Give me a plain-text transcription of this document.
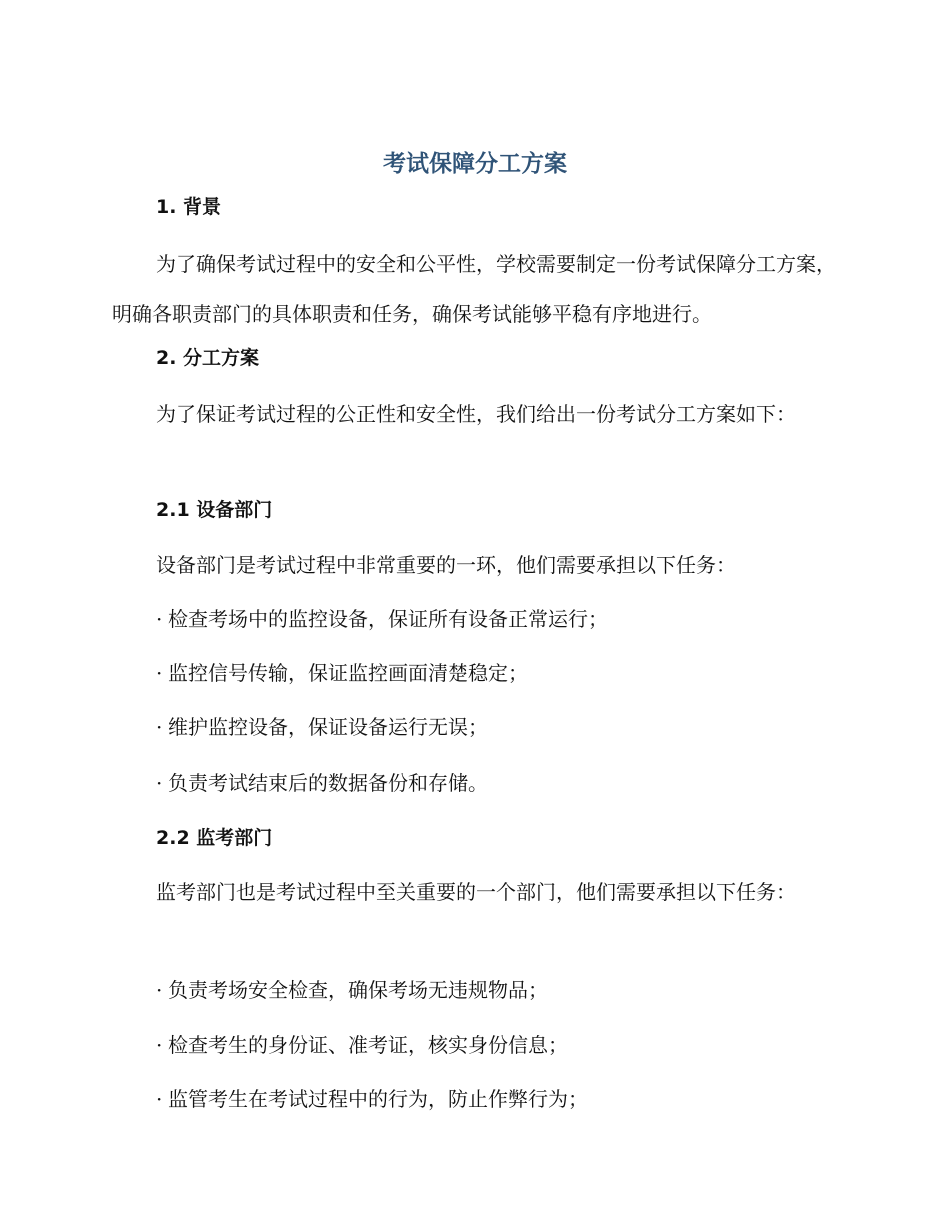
考试保障分工方案
1. 背景
为了确保考试过程中的安全和公平性，学校需要制定一份考试保障分工方案，明确各职责部门的具体职责和任务，确保考试能够平稳有序地进行。
2. 分工方案
为了保证考试过程的公正性和安全性，我们给出一份考试分工方案如下：
2.1 设备部门
设备部门是考试过程中非常重要的一环，他们需要承担以下任务：
· 检查考场中的监控设备，保证所有设备正常运行；
· 监控信号传输，保证监控画面清楚稳定；
· 维护监控设备，保证设备运行无误；
· 负责考试结束后的数据备份和存储。
2.2 监考部门
监考部门也是考试过程中至关重要的一个部门，他们需要承担以下任务：
· 负责考场安全检查，确保考场无违规物品；
· 检查考生的身份证、准考证，核实身份信息；
· 监管考生在考试过程中的行为，防止作弊行为；
